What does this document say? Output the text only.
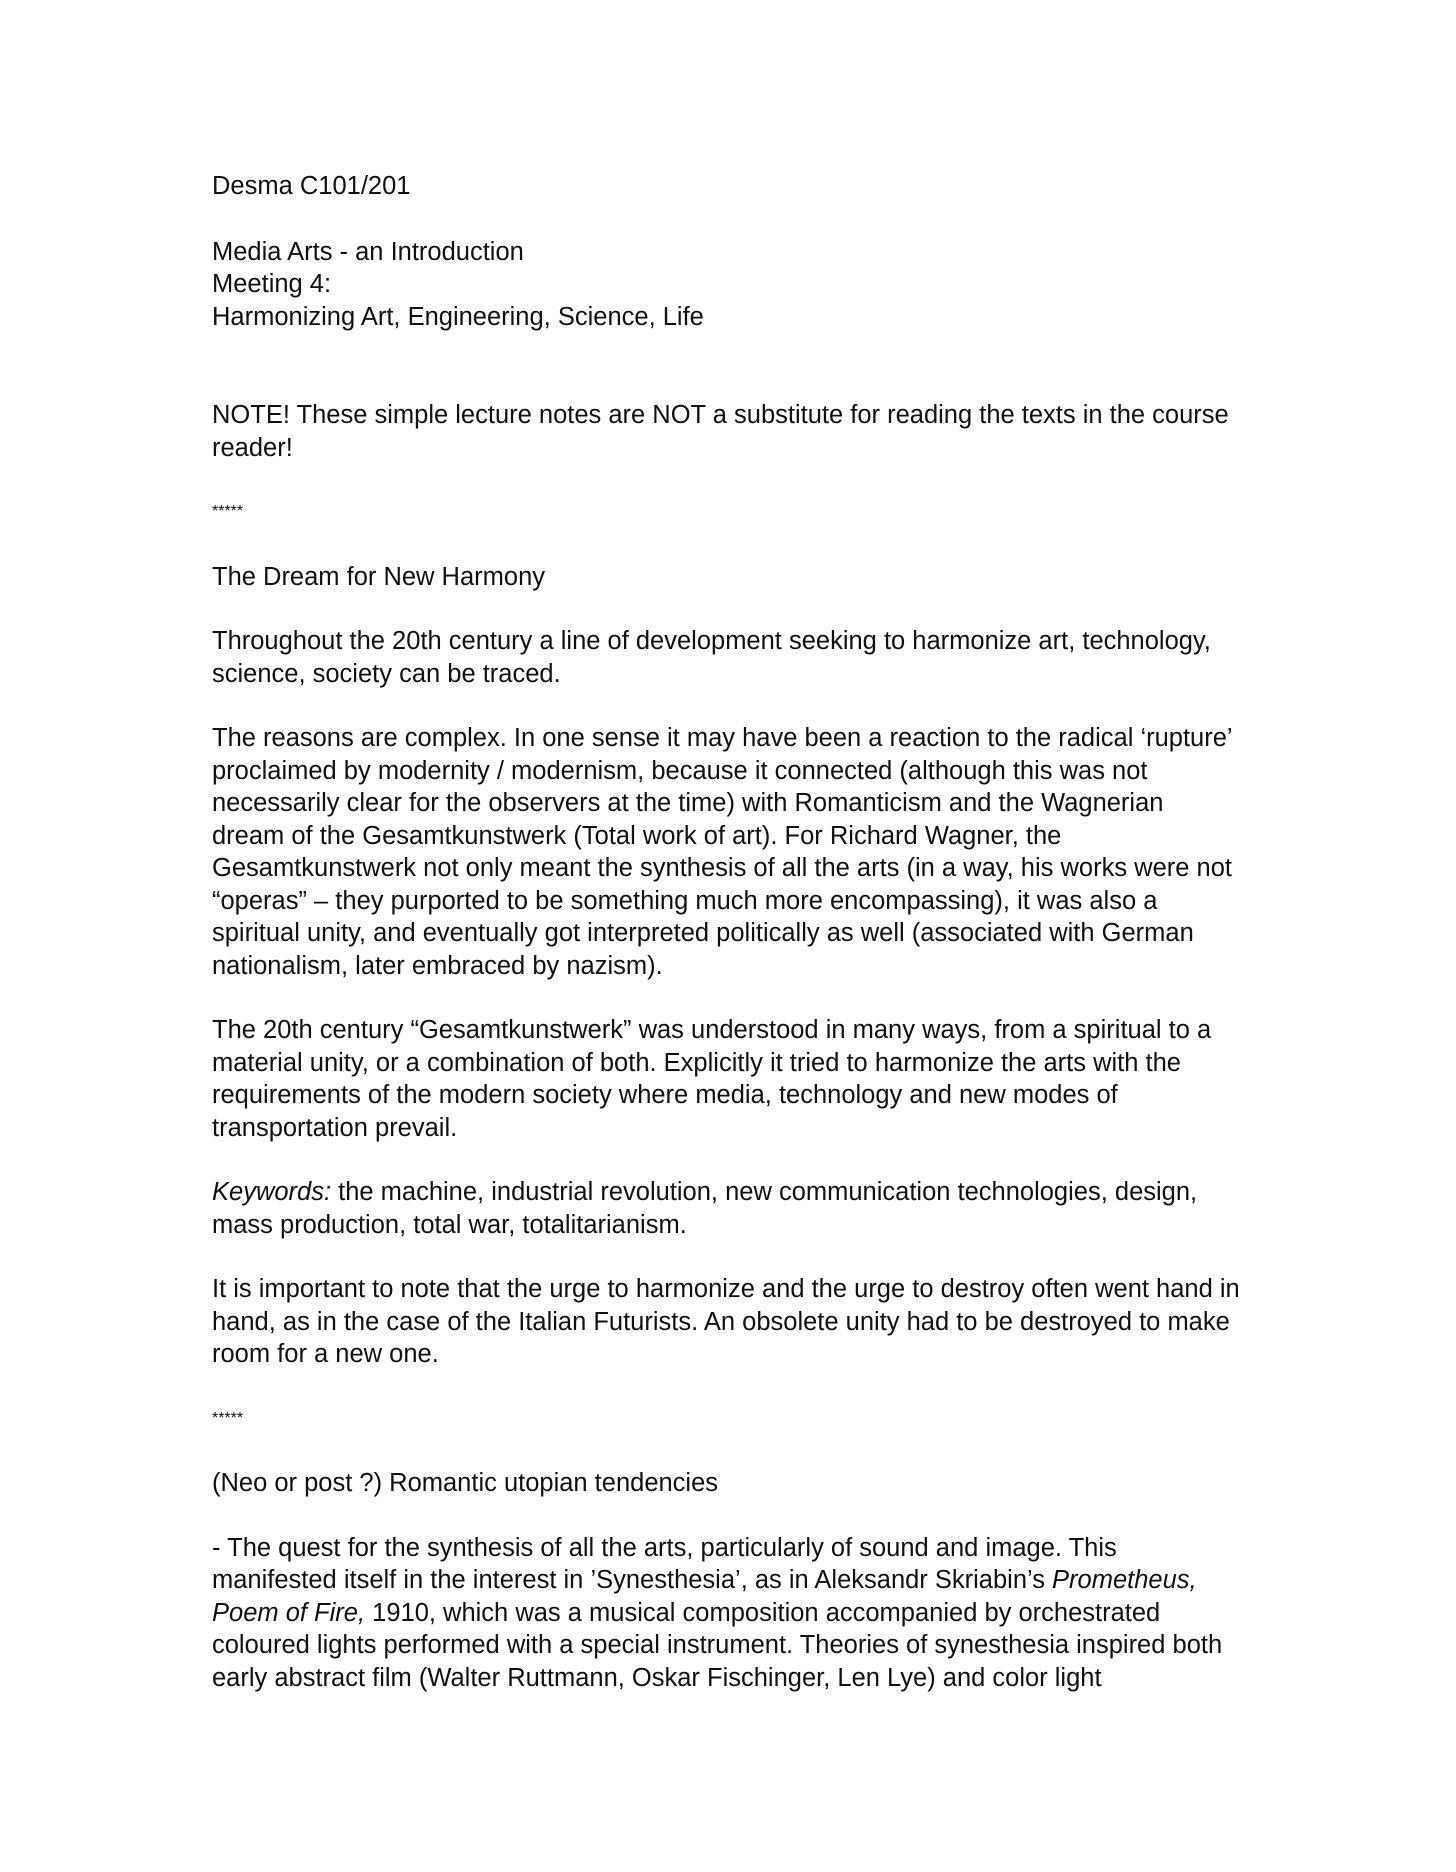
Desma C101/201

Media Arts - an Introduction

Meeting 4:

Harmonizing Art, Engineering, Science, Life

NOTE! These simple lecture notes are NOT a substitute for reading the texts in the course reader!

*****

The Dream for New Harmony

Throughout the 20th century a line of development seeking to harmonize art, technology, science, society can be traced.

The reasons are complex. In one sense it may have been a reaction to the radical ‘rupture’ proclaimed by modernity / modernism, because it connected (although this was not necessarily clear for the observers at the time) with Romanticism and the Wagnerian dream of the Gesamtkunstwerk (Total work of art). For Richard Wagner, the Gesamtkunstwerk not only meant the synthesis of all the arts (in a way, his works were not “operas” – they purported to be something much more encompassing), it was also a spiritual unity, and eventually got interpreted politically as well (associated with German nationalism, later embraced by nazism).

The 20th century “Gesamtkunstwerk” was understood in many ways, from a spiritual to a material unity, or a combination of both. Explicitly it tried to harmonize the arts with the requirements of the modern society where media, technology and new modes of transportation prevail.

Keywords: the machine, industrial revolution, new communication technologies, design, mass production, total war, totalitarianism.

It is important to note that the urge to harmonize and the urge to destroy often went hand in hand, as in the case of the Italian Futurists. An obsolete unity had to be destroyed to make room for a new one.

*****

(Neo or post ?) Romantic utopian tendencies

- The quest for the synthesis of all the arts, particularly of sound and image. This manifested itself in the interest in ’Synesthesia’, as in Aleksandr Skriabin’s Prometheus, Poem of Fire, 1910, which was a musical composition accompanied by orchestrated coloured lights performed with a special instrument. Theories of synesthesia inspired both early abstract film (Walter Ruttmann, Oskar Fischinger, Len Lye) and color light
